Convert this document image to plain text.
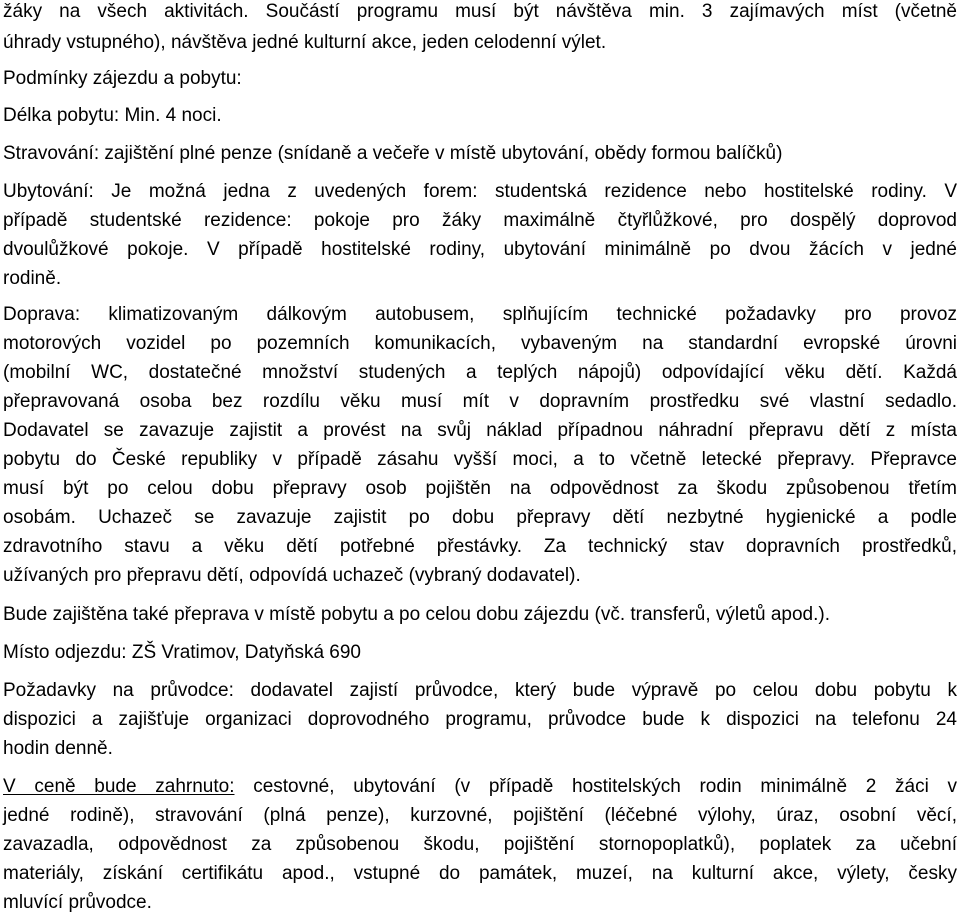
žáky na všech aktivitách. Součástí programu musí být návštěva min. 3 zajímavých míst (včetně
úhrady vstupného), návštěva jedné kulturní akce, jeden celodenní výlet.
Podmínky zájezdu a pobytu:
Délka pobytu: Min. 4 noci.
Stravování: zajištění plné penze (snídaně a večeře v místě ubytování, obědy formou balíčků)
Ubytování: Je možná jedna z uvedených forem: studentská rezidence nebo hostitelské rodiny. V
případě studentské rezidence: pokoje pro žáky maximálně čtyřlůžkové, pro dospělý doprovod
dvoulůžkové pokoje. V případě hostitelské rodiny, ubytování minimálně po dvou žácích v jedné
rodině.
Doprava: klimatizovaným dálkovým autobusem, splňujícím technické požadavky pro provoz
motorových vozidel po pozemních komunikacích, vybaveným na standardní evropské úrovni
(mobilní WC, dostatečné množství studených a teplých nápojů) odpovídající věku dětí. Každá
přepravovaná osoba bez rozdílu věku musí mít v dopravním prostředku své vlastní sedadlo.
Dodavatel se zavazuje zajistit a provést na svůj náklad případnou náhradní přepravu dětí z místa
pobytu do České republiky v případě zásahu vyšší moci, a to včetně letecké přepravy. Přepravce
musí být po celou dobu přepravy osob pojištěn na odpovědnost za škodu způsobenou třetím
osobám. Uchazeč se zavazuje zajistit po dobu přepravy dětí nezbytné hygienické a podle
zdravotního stavu a věku dětí potřebné přestávky. Za technický stav dopravních prostředků,
užívaných pro přepravu dětí, odpovídá uchazeč (vybraný dodavatel).
Bude zajištěna také přeprava v místě pobytu a po celou dobu zájezdu (vč. transferů, výletů apod.).
Místo odjezdu: ZŠ Vratimov, Datyňská 690
Požadavky na průvodce: dodavatel zajistí průvodce, který bude výpravě po celou dobu pobytu k
dispozici a zajišťuje organizaci doprovodného programu, průvodce bude k dispozici na telefonu 24
hodin denně.
V ceně bude zahrnuto: cestovné, ubytování (v případě hostitelských rodin minimálně 2 žáci v
jedné rodině), stravování (plná penze), kurzovné, pojištění (léčebné výlohy, úraz, osobní věcí,
zavazadla, odpovědnost za způsobenou škodu, pojištění stornopoplatků), poplatek za učební
materiály, získání certifikátu apod., vstupné do památek, muzeí, na kulturní akce, výlety, česky
mluvící průvodce.
